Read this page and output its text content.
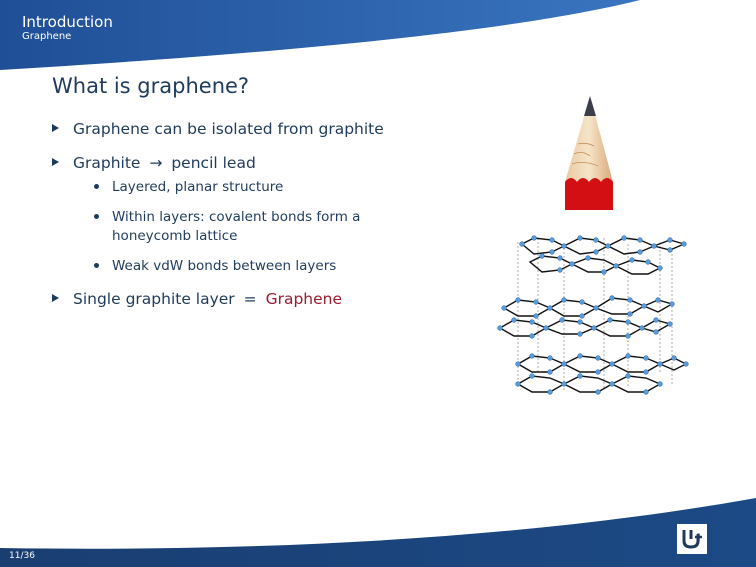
Introduction
Graphene
What is graphene?
Graphene can be isolated from graphite
Graphite → pencil lead
Layered, planar structure
Within layers: covalent bonds form a honeycomb lattice
Weak vdW bonds between layers
Single graphite layer = Graphene
11/36
